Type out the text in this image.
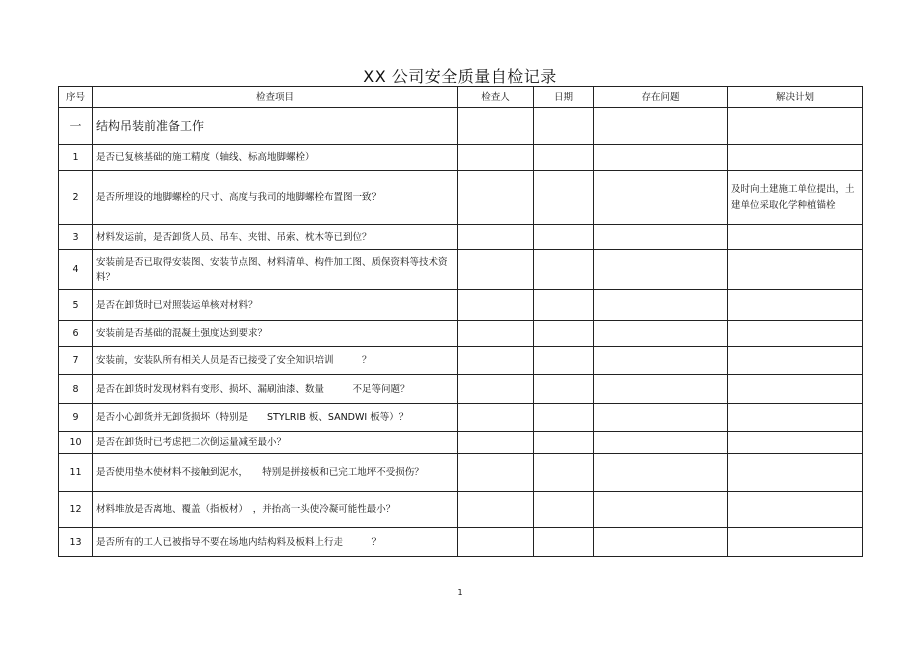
XX 公司安全质量自检记录
序号	检查项目	检查人	日期	存在问题	解决计划
一	结构吊装前准备工作				
1	是否已复核基础的施工精度（轴线、标高地脚螺栓）				
2	是否所埋设的地脚螺栓的尺寸、高度与我司的地脚螺栓布置图一致？				及时向土建施工单位提出，土建单位采取化学种植锚栓
3	材料发运前，是否卸货人员、吊车、夹钳、吊索、枕木等已到位？				
4	安装前是否已取得安装图、安装节点图、材料清单、构件加工图、质保资料等技术资料？				
5	是否在卸货时已对照装运单核对材料？				
6	安装前是否基础的混凝土强度达到要求？				
7	安装前，安装队所有相关人员是否已接受了安全知识培训　　　？				
8	是否在卸货时发现材料有变形、损坏、漏刷油漆、数量　　　不足等问题？				
9	是否小心卸货并无卸货损坏（特别是　　STYLRIB 板、SANDWI 板等）？				
10	是否在卸货时已考虑把二次倒运量减至最小？				
11	是否使用垫木使材料不接触到泥水，　　特别是拼接板和已完工地坪不受损伤？				
12	材料堆放是否离地、覆盖（指板材）　，并抬高一头使冷凝可能性最小？				
13	是否所有的工人已被指导不要在场地内结构料及板料上行走　　　？				
1
